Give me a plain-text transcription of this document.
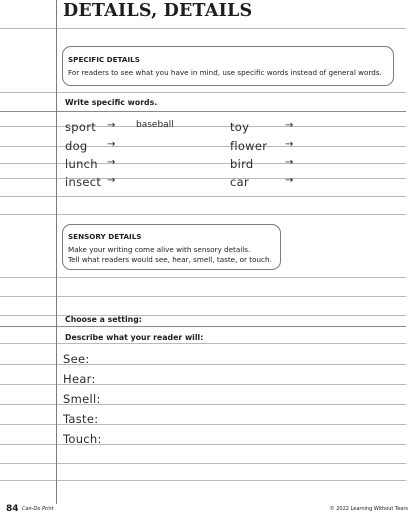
DETAILS, DETAILS
SPECIFIC DETAILS
For readers to see what you have in mind, use specific words instead of general words.
Write specific words.
sport → baseball	toy	→
dog →	flower →
lunch →	bird	→
insect →	car	→
SENSORY DETAILS
Make your writing come alive with sensory details.
Tell what readers would see, hear, smell, taste, or touch.
Choose a setting:
Describe what your reader will:
See:
Hear:
Smell:
Taste:
Touch:
84 Can-Do Print	© 2022 Learning Without Tears
